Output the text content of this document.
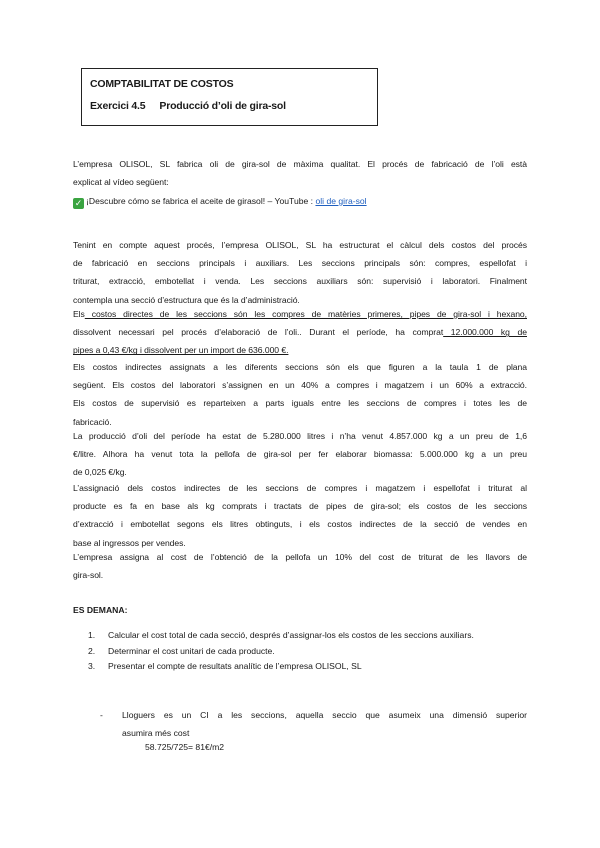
COMPTABILITAT DE COSTOS
Exercici 4.5 Producció d’oli de gira-sol

L’empresa OLISOL, SL fabrica oli de gira-sol de màxima qualitat. El procés de fabricació de l’oli està
explicat al vídeo següent:

✓ ¡Descubre cómo se fabrica el aceite de girasol! – YouTube : oli de gira-sol

Tenint en compte aquest procés, l’empresa OLISOL, SL ha estructurat el càlcul dels costos del procés
de fabricació en seccions principals i auxiliars. Les seccions principals són: compres, espellofat i
triturat, extracció, embotellat i venda. Les seccions auxiliars són: supervisió i laboratori. Finalment
contempla una secció d’estructura que és la d’administració.

Els costos directes de les seccions són les compres de matèries primeres, pipes de gira-sol i hexano,
dissolvent necessari pel procés d’elaboració de l’oli.. Durant el període, ha comprat 12.000.000 kg de
pipes a 0,43 €/kg i dissolvent per un import de 636.000 €.

Els costos indirectes assignats a les diferents seccions són els que figuren a la taula 1 de plana
següent. Els costos del laboratori s’assignen en un 40% a compres i magatzem i un 60% a extracció.
Els costos de supervisió es reparteixen a parts iguals entre les seccions de compres i totes les de
fabricació.

La producció d’oli del període ha estat de 5.280.000 litres i n’ha venut 4.857.000 kg a un preu de 1,6
€/litre. Alhora ha venut tota la pellofa de gira-sol per fer elaborar biomassa: 5.000.000 kg a un preu
de 0,025 €/kg.

L’assignació dels costos indirectes de les seccions de compres i magatzem i espellofat i triturat al
producte es fa en base als kg comprats i tractats de pipes de gira-sol; els costos de les seccions
d’extracció i embotellat segons els litres obtinguts, i els costos indirectes de la secció de vendes en
base al ingressos per vendes.

L’empresa assigna al cost de l’obtenció de la pellofa un 10% del cost de triturat de les llavors de
gira-sol.

ES DEMANA:
1. Calcular el cost total de cada secció, després d’assignar-los els costos de les seccions auxiliars.
2. Determinar el cost unitari de cada producte.
3. Presentar el compte de resultats analític de l’empresa OLISOL, SL
- Lloguers es un CI a les seccions, aquella seccio que asumeix una dimensió superior
asumira més cost
58.725/725= 81€/m2
